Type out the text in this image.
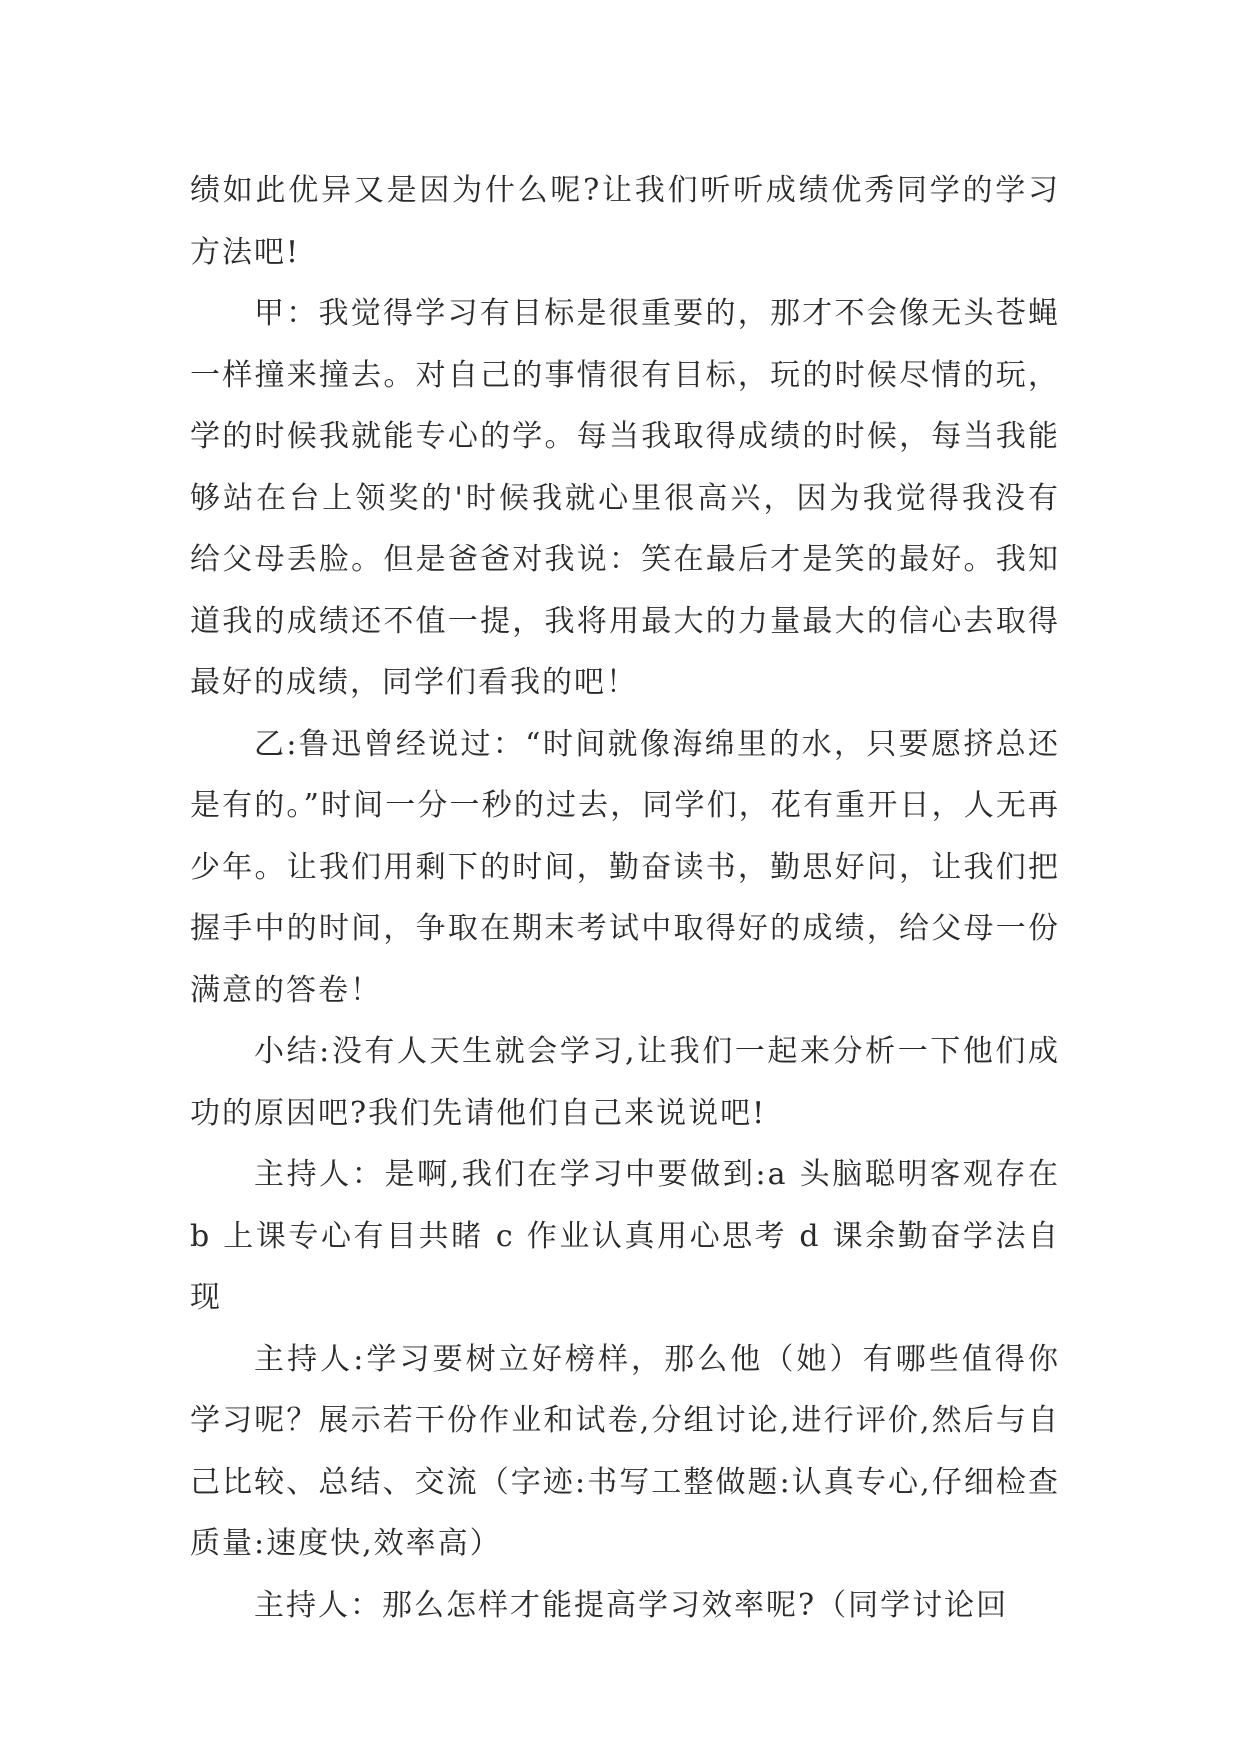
绩如此优异又是因为什么呢?让我们听听成绩优秀同学的学习方法吧!

甲：我觉得学习有目标是很重要的，那才不会像无头苍蝇一样撞来撞去。对自己的事情很有目标，玩的时候尽情的玩，学的时候我就能专心的学。每当我取得成绩的时候，每当我能够站在台上领奖的'时候我就心里很高兴，因为我觉得我没有给父母丢脸。但是爸爸对我说：笑在最后才是笑的最好。我知道我的成绩还不值一提，我将用最大的力量最大的信心去取得最好的成绩，同学们看我的吧！

乙:鲁迅曾经说过：“时间就像海绵里的水，只要愿挤总还是有的。”时间一分一秒的过去，同学们，花有重开日，人无再少年。让我们用剩下的时间，勤奋读书，勤思好问，让我们把握手中的时间，争取在期末考试中取得好的成绩，给父母一份满意的答卷！

小结:没有人天生就会学习,让我们一起来分析一下他们成功的原因吧?我们先请他们自己来说说吧!

主持人：是啊,我们在学习中要做到:a 头脑聪明客观存在 b 上课专心有目共睹 c 作业认真用心思考 d 课余勤奋学法自现

主持人:学习要树立好榜样，那么他（她）有哪些值得你学习呢？展示若干份作业和试卷,分组讨论,进行评价,然后与自己比较、总结、交流（字迹:书写工整做题:认真专心,仔细检查质量:速度快,效率高）

主持人：那么怎样才能提高学习效率呢?（同学讨论回
